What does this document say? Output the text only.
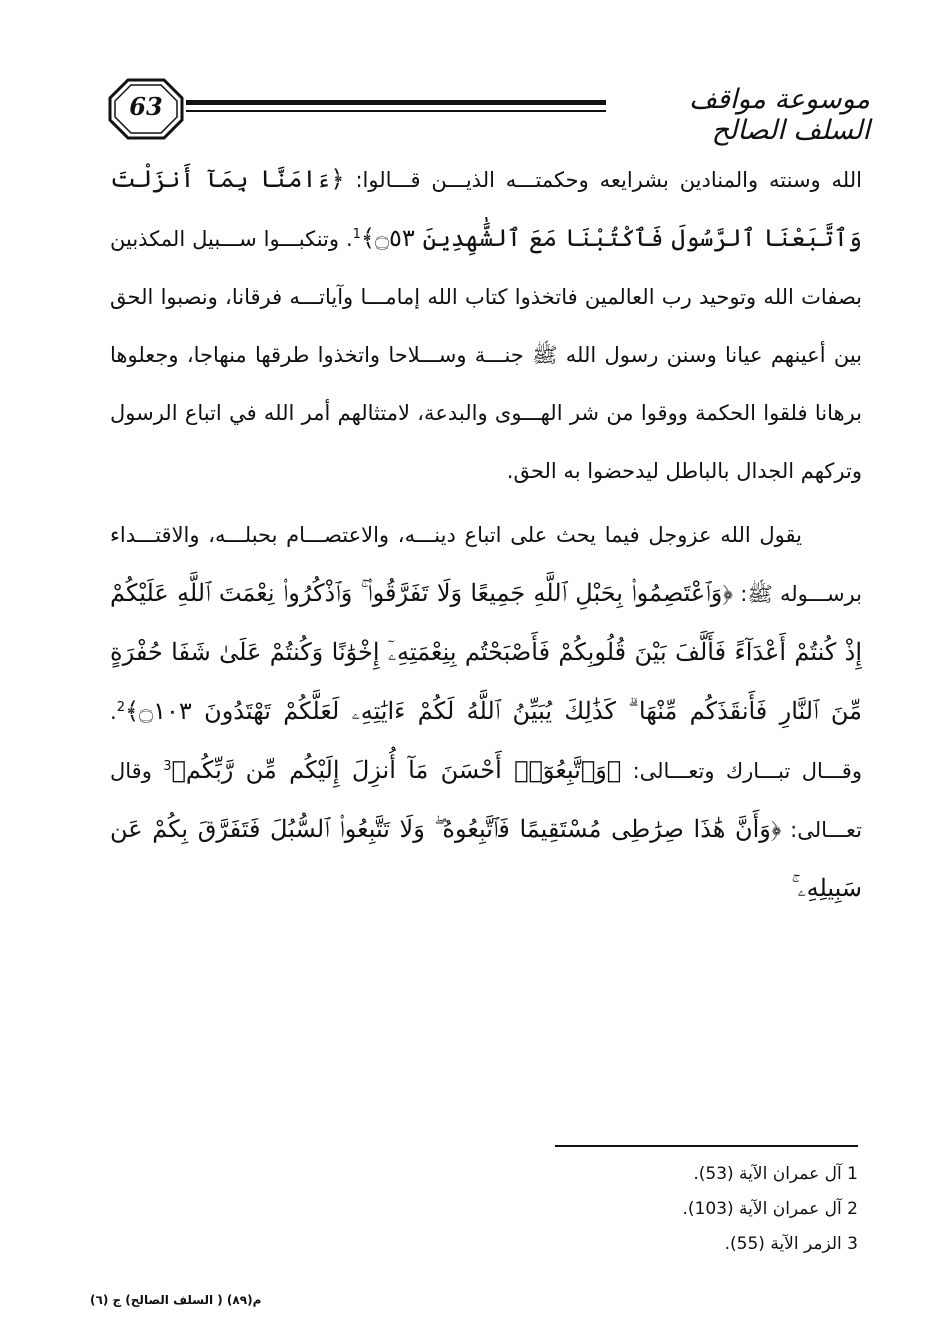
63	موسوعة مواقف السلف الصالح

الله وسنته والمنادين بشرايعه وحكمتـــه الذيـــن قـــالوا: ﴿ءَامَنَّا بِمَآ أَنزَلْتَ وَٱتَّبَعْنَا ٱلرَّسُولَ فَٱكْتُبْنَا مَعَ ٱلشَّٰهِدِينَ ۝٥٣﴾$^1$. وتنكبـــوا ســـبيل المكذبين بصفات الله وتوحيد رب العالمين فاتخذوا كتاب الله إمامـــا وآياتـــه فرقانا، ونصبوا الحق بين أعينهم عيانا وسنن رسول الله ﷺ جنـــة وســـلاحا واتخذوا طرقها منهاجا، وجعلوها برهانا فلقوا الحكمة ووقوا من شر الهـــوى والبدعة، لامتثالهم أمر الله في اتباع الرسول وتركهم الجدال بالباطل ليدحضوا به الحق.

يقول الله عزوجل فيما يحث على اتباع دينـــه، والاعتصـــام بحبلـــه، والاقتـــداء برســـوله ﷺ: ﴿وَٱعْتَصِمُوا۟ بِحَبْلِ ٱللَّهِ جَمِيعًا وَلَا تَفَرَّقُوا۟ ۚ وَٱذْكُرُوا۟ نِعْمَتَ ٱللَّهِ عَلَيْكُمْ إِذْ كُنتُمْ أَعْدَآءً فَأَلَّفَ بَيْنَ قُلُوبِكُمْ فَأَصْبَحْتُم بِنِعْمَتِهِۦٓ إِخْوَٰنًا وَكُنتُمْ عَلَىٰ شَفَا حُفْرَةٍ مِّنَ ٱلنَّارِ فَأَنقَذَكُم مِّنْهَا ۗ كَذَٰلِكَ يُبَيِّنُ ٱللَّهُ لَكُمْ ءَايَٰتِهِۦ لَعَلَّكُمْ تَهْتَدُونَ ۝١٠٣﴾$^2$. وقـــال تبـــارك وتعـــالى: ﴿وَٱتَّبِعُوٓا۟ أَحْسَنَ مَآ أُنزِلَ إِلَيْكُم مِّن رَّبِّكُم﴾$^3$ وقال تعـــالى: ﴿وَأَنَّ هَٰذَا صِرَٰطِى مُسْتَقِيمًا فَٱتَّبِعُوهُ ۖ وَلَا تَتَّبِعُوا۟ ٱلسُّبُلَ فَتَفَرَّقَ بِكُمْ عَن سَبِيلِهِۦ ۚ

1 آل عمران الآية (53).
2 آل عمران الآية (103).
3 الزمر الآية (55).
م(٨٩) ( السلف الصالح) ج (٦)
